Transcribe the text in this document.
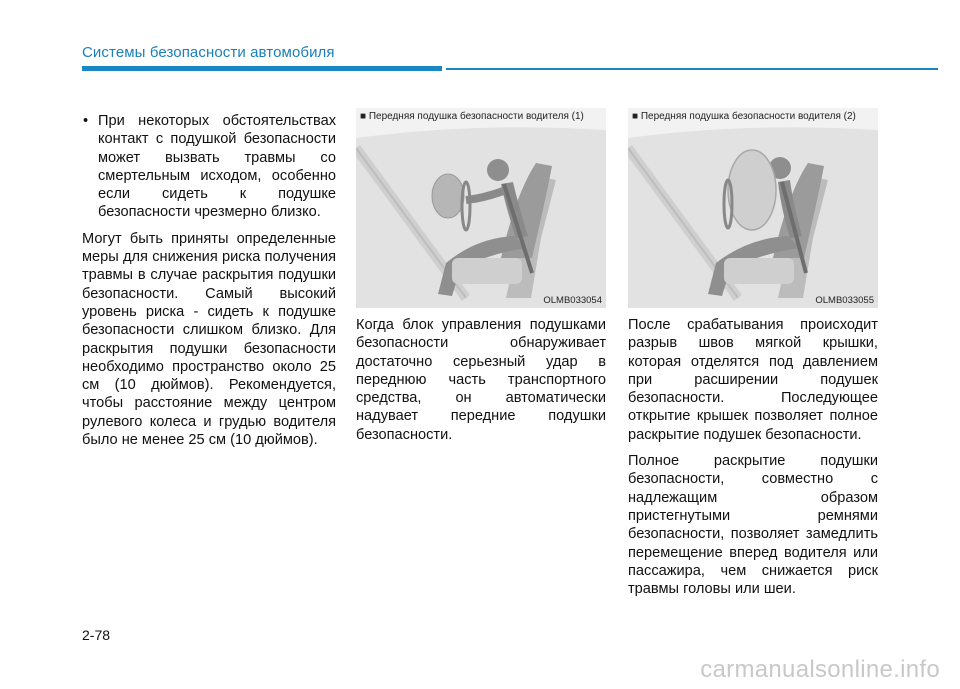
Системы безопасности автомобиля

• При некоторых обстоятельствах контакт с подушкой безопасности может вызвать травмы со смертельным исходом, особенно если сидеть к подушке безопасности чрезмерно близко.

Могут быть приняты определенные меры для снижения риска получения травмы в случае раскрытия подушки безопасности. Самый высокий уровень риска - сидеть к подушке безопасности слишком близко. Для раскрытия подушки безопасности необходимо пространство около 25 см (10 дюймов). Рекомендуется, чтобы расстояние между центром рулевого колеса и грудью водителя было не менее 25 см (10 дюймов).

■ Передняя подушка безопасности водителя (1)
OLMB033054
■ Передняя подушка безопасности водителя (2)
OLMB033055

Когда блок управления подушками безопасности обнаруживает достаточно серьезный удар в переднюю часть транспортного средства, он автоматически надувает передние подушки безопасности.

После срабатывания происходит разрыв швов мягкой крышки, которая отделятся под давлением при расширении подушек безопасности. Последующее открытие крышек позволяет полное раскрытие подушек безопасности.

Полное раскрытие подушки безопасности, совместно с надлежащим образом пристегнутыми ремнями безопасности, позволяет замедлить перемещение вперед водителя или пассажира, чем снижается риск травмы головы или шеи.

2-78
carmanualsonline.info
